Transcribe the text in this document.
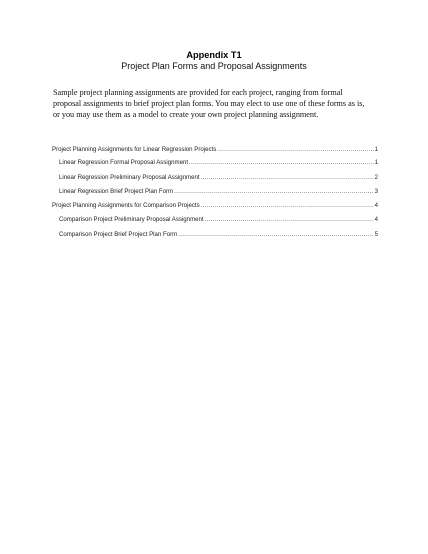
Appendix T1
Project Plan Forms and Proposal Assignments

Sample project planning assignments are provided for each project, ranging from formal
proposal assignments to brief project plan forms. You may elect to use one of these forms as is,
or you may use them as a model to create your own project planning assignment.

Project Planning Assignments for Linear Regression Projects .....	1
Linear Regression Formal Proposal Assignment .....	1
Linear Regression Preliminary Proposal Assignment .....	2
Linear Regression Brief Project Plan Form .....	3
Project Planning Assignments for Comparison Projects .....	4
Comparison Project Preliminary Proposal Assignment .....	4
Comparison Project Brief Project Plan Form .....	5
